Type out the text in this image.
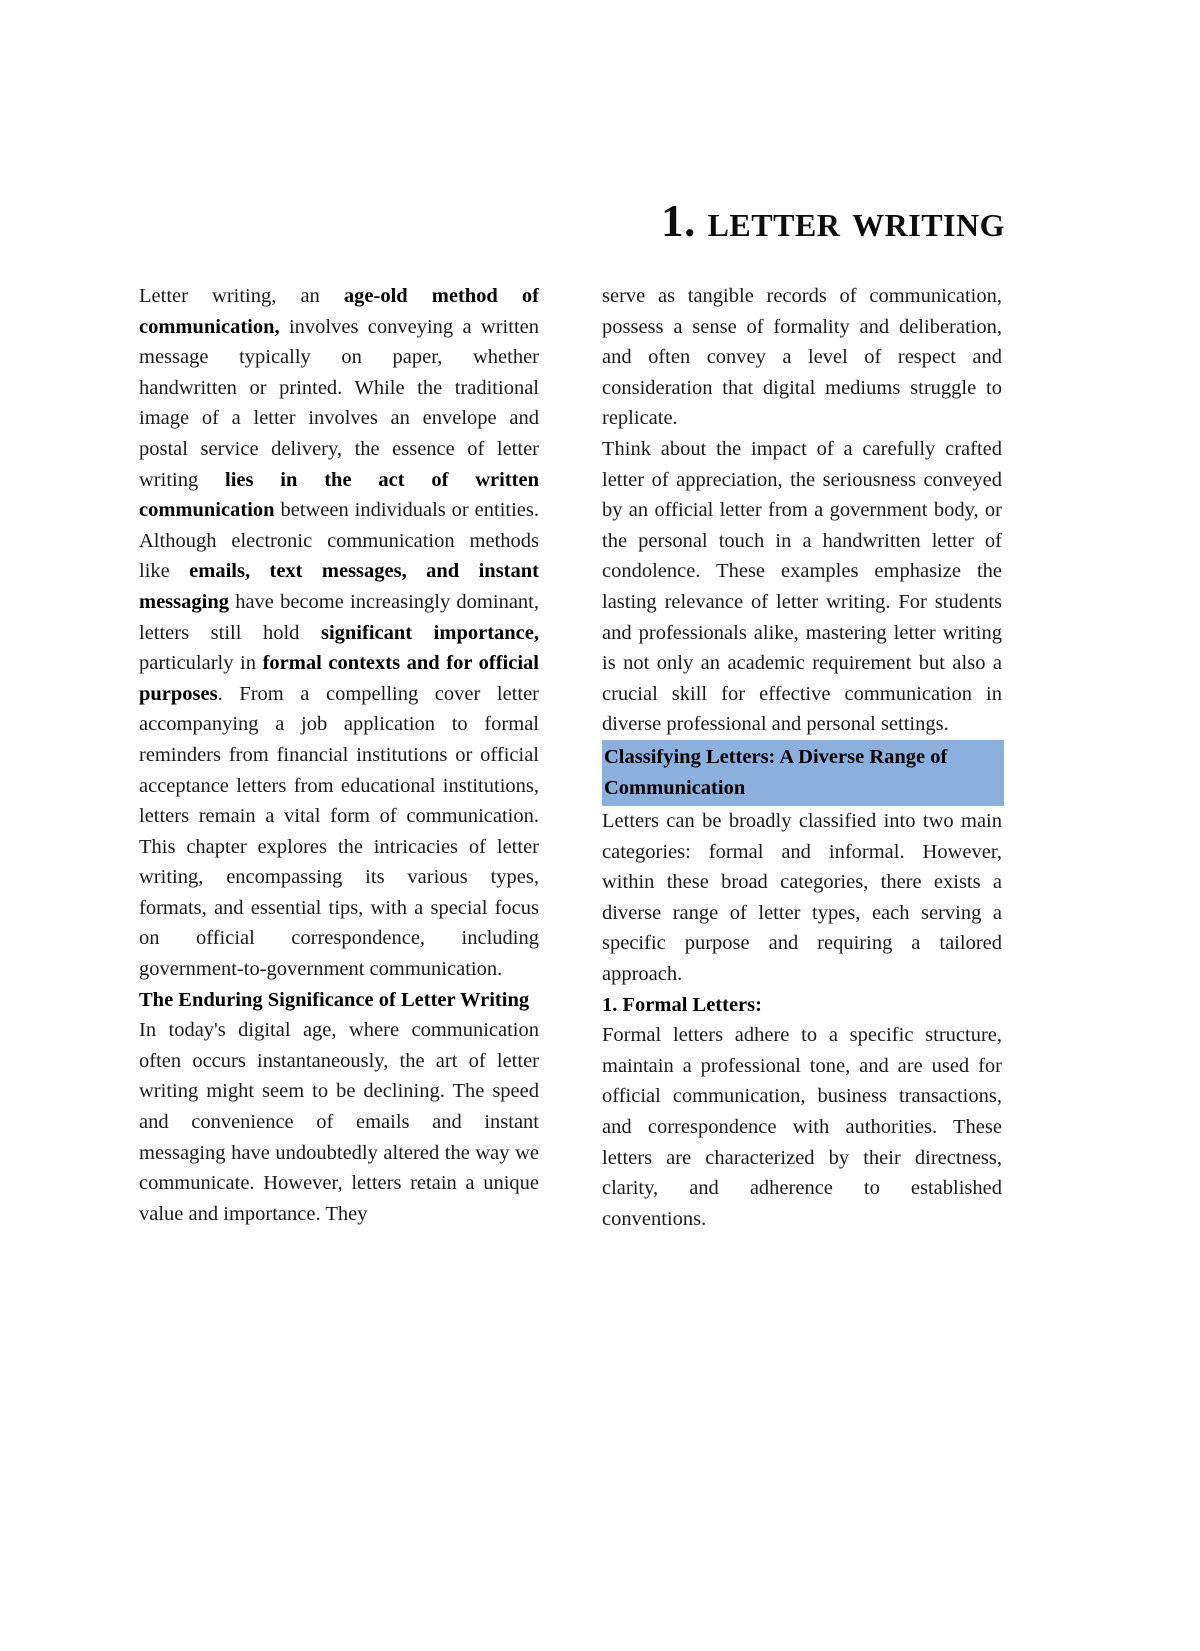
1. letter writing

Letter writing, an age-old method of communication, involves conveying a written message typically on paper, whether handwritten or printed. While the traditional image of a letter involves an envelope and postal service delivery, the essence of letter writing lies in the act of written communication between individuals or entities. Although electronic communication methods like emails, text messages, and instant messaging have become increasingly dominant, letters still hold significant importance, particularly in formal contexts and for official purposes. From a compelling cover letter accompanying a job application to formal reminders from financial institutions or official acceptance letters from educational institutions, letters remain a vital form of communication. This chapter explores the intricacies of letter writing, encompassing its various types, formats, and essential tips, with a special focus on official correspondence, including government-to-government communication.

The Enduring Significance of Letter Writing

In today's digital age, where communication often occurs instantaneously, the art of letter writing might seem to be declining. The speed and convenience of emails and instant messaging have undoubtedly altered the way we communicate. However, letters retain a unique value and importance. They

serve as tangible records of communication, possess a sense of formality and deliberation, and often convey a level of respect and consideration that digital mediums struggle to replicate.

Think about the impact of a carefully crafted letter of appreciation, the seriousness conveyed by an official letter from a government body, or the personal touch in a handwritten letter of condolence. These examples emphasize the lasting relevance of letter writing. For students and professionals alike, mastering letter writing is not only an academic requirement but also a crucial skill for effective communication in diverse professional and personal settings.

Classifying Letters: A Diverse Range of Communication

Letters can be broadly classified into two main categories: formal and informal. However, within these broad categories, there exists a diverse range of letter types, each serving a specific purpose and requiring a tailored approach.

1. Formal Letters:

Formal letters adhere to a specific structure, maintain a professional tone, and are used for official communication, business transactions, and correspondence with authorities. These letters are characterized by their directness, clarity, and adherence to established conventions.
